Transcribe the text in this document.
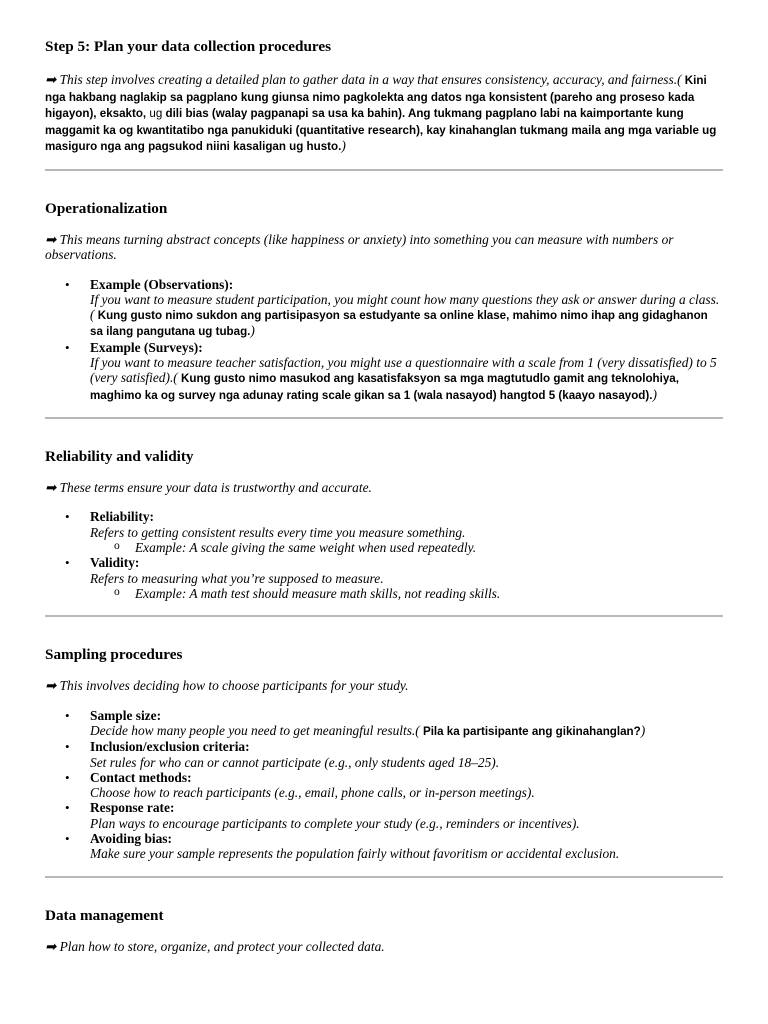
Step 5: Plan your data collection procedures

➡ This step involves creating a detailed plan to gather data in a way that ensures consistency, accuracy, and fairness.( Kini nga hakbang naglakip sa pagplano kung giunsa nimo pagkolekta ang datos nga konsistent (pareho ang proseso kada higayon), eksakto, ug dili bias (walay pagpanapi sa usa ka bahin). Ang tukmang pagplano labi na kaimportante kung maggamit ka og kwantitatibo nga panukiduki (quantitative research), kay kinahanglan tukmang maila ang mga variable ug masiguro nga ang pagsukod niini kasaligan ug husto.)

Operationalization

➡ This means turning abstract concepts (like happiness or anxiety) into something you can measure with numbers or observations.

• Example (Observations):
If you want to measure student participation, you might count how many questions they ask or answer during a class.( Kung gusto nimo sukdon ang partisipasyon sa estudyante sa online klase, mahimo nimo ihap ang gidaghanon sa ilang pangutana ug tubag.)
• Example (Surveys):
If you want to measure teacher satisfaction, you might use a questionnaire with a scale from 1 (very dissatisfied) to 5 (very satisfied).( Kung gusto nimo masukod ang kasatisfaksyon sa mga magtutudlo gamit ang teknolohiya, maghimo ka og survey nga adunay rating scale gikan sa 1 (wala nasayod) hangtod 5 (kaayo nasayod).)
Reliability and validity

➡ These terms ensure your data is trustworthy and accurate.

• Reliability:
Refers to getting consistent results every time you measure something.
o Example: A scale giving the same weight when used repeatedly.
• Validity:
Refers to measuring what you’re supposed to measure.
o Example: A math test should measure math skills, not reading skills.
Sampling procedures

➡ This involves deciding how to choose participants for your study.

• Sample size:
Decide how many people you need to get meaningful results.( Pila ka partisipante ang gikinahanglan?)
• Inclusion/exclusion criteria:
Set rules for who can or cannot participate (e.g., only students aged 18–25).
• Contact methods:
Choose how to reach participants (e.g., email, phone calls, or in-person meetings).
• Response rate:
Plan ways to encourage participants to complete your study (e.g., reminders or incentives).
• Avoiding bias:
Make sure your sample represents the population fairly without favoritism or accidental exclusion.
Data management

➡ Plan how to store, organize, and protect your collected data.
